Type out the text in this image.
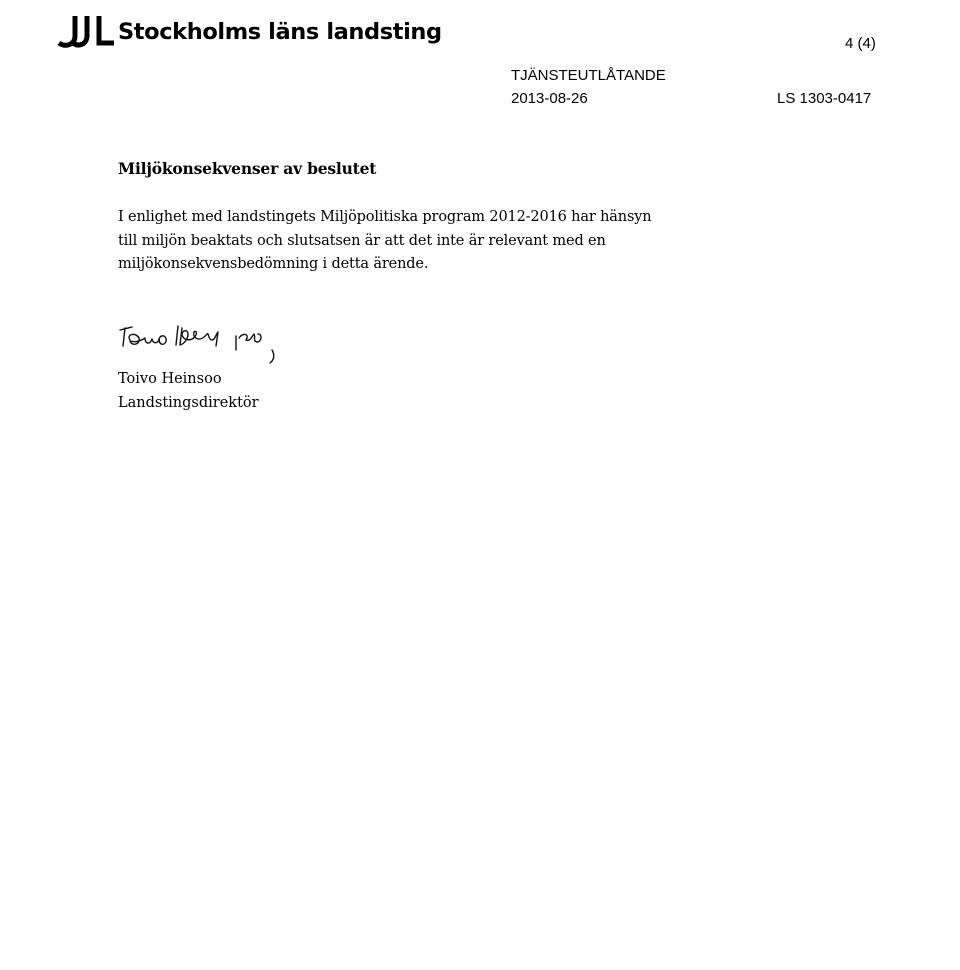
Stockholms läns landsting	4 (4)
TJÄNSTEUTLÅTANDE
2013-08-26	LS 1303-0417
Miljökonsekvenser av beslutet
I enlighet med landstingets Miljöpolitiska program 2012-2016 har hänsyn
till miljön beaktats och slutsatsen är att det inte är relevant med en
miljökonsekvensbedömning i detta ärende.
Toivo Heinsoo
Landstingsdirektör
